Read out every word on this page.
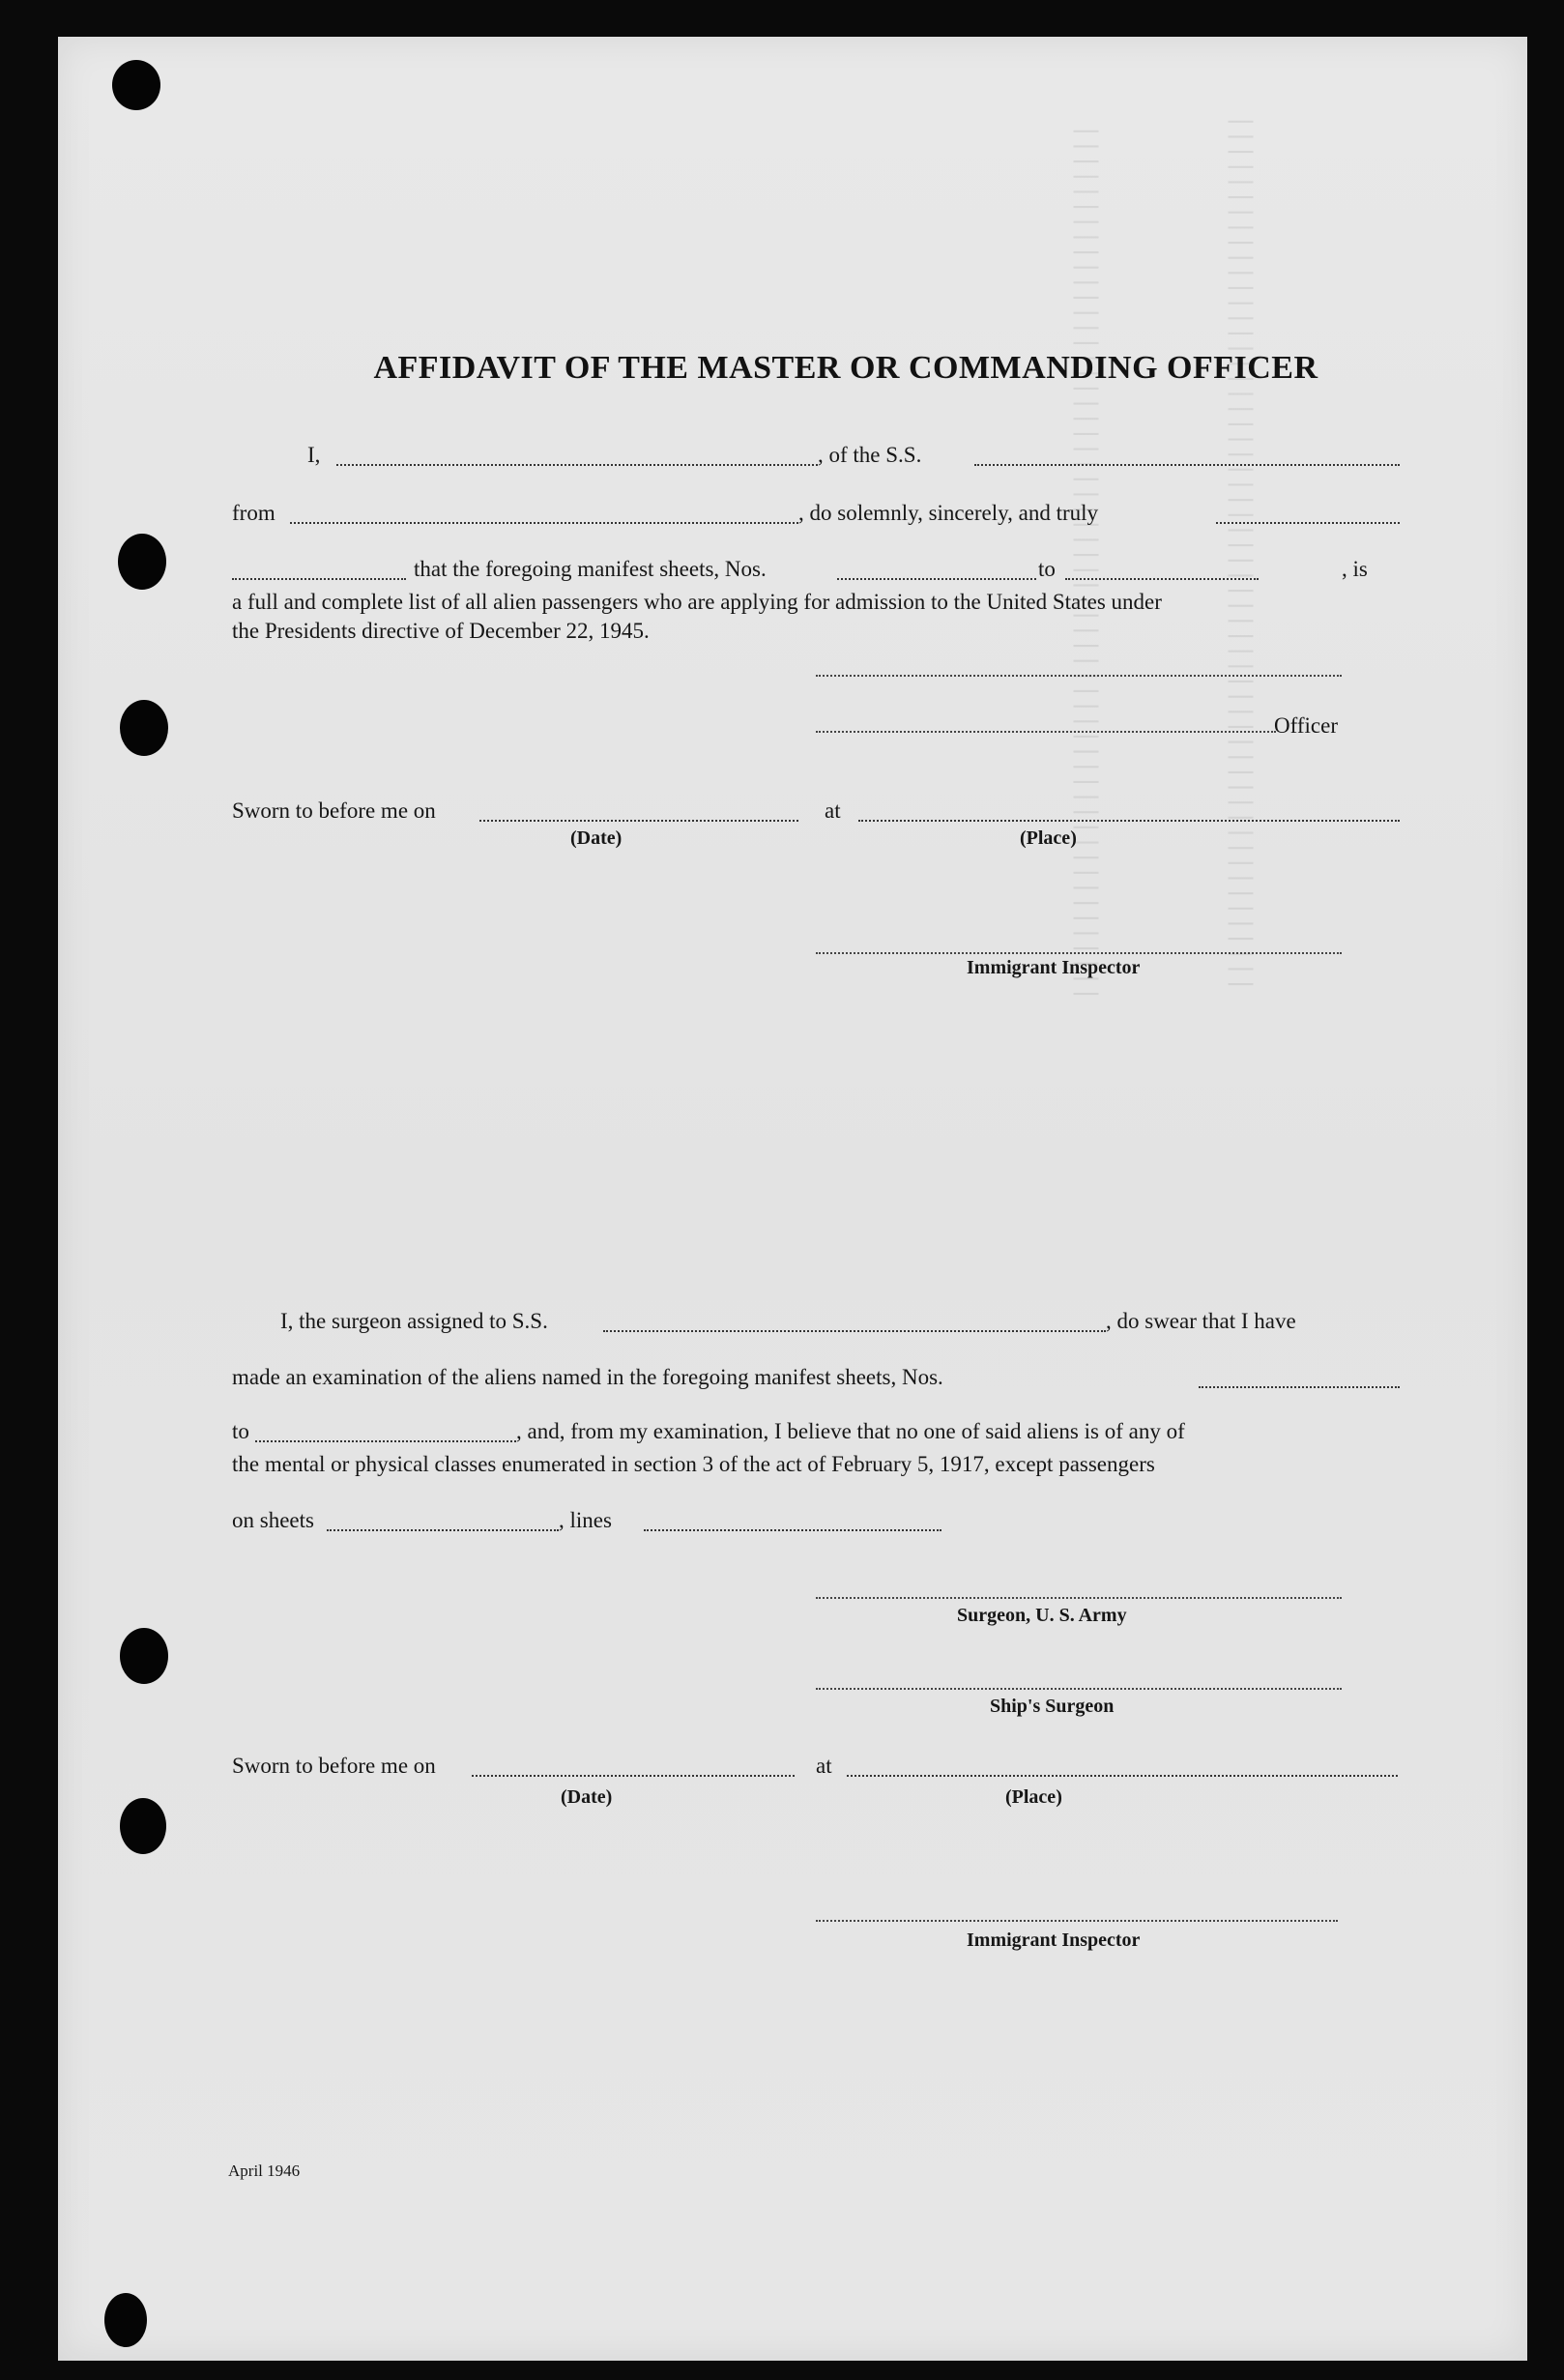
||||||||||||||||||||||||||||||||||||||||||||||||||||||||||
||||||||||||||||||||||||||||||||||||||||||||||||||||||||||
AFFIDAVIT OF THE MASTER OR COMMANDING OFFICER
I,	, of the S.S.
from	, do solemnly, sincerely, and truly
that the foregoing manifest sheets, Nos.	to	, is
a full and complete list of all alien passengers who are applying for admission to the United States under
the Presidents directive of December 22, 1945.
Officer
Sworn to before me on	at
(Date)	(Place)
Immigrant Inspector
I, the surgeon assigned to S.S.	, do swear that I have
made an examination of the aliens named in the foregoing manifest sheets, Nos.
to	, and, from my examination, I believe that no one of said aliens is of any of
the mental or physical classes enumerated in section 3 of the act of February 5, 1917, except passengers
on sheets	, lines
Surgeon, U. S. Army
Ship's Surgeon
Sworn to before me on	at
(Date)	(Place)
Immigrant Inspector
April 1946
